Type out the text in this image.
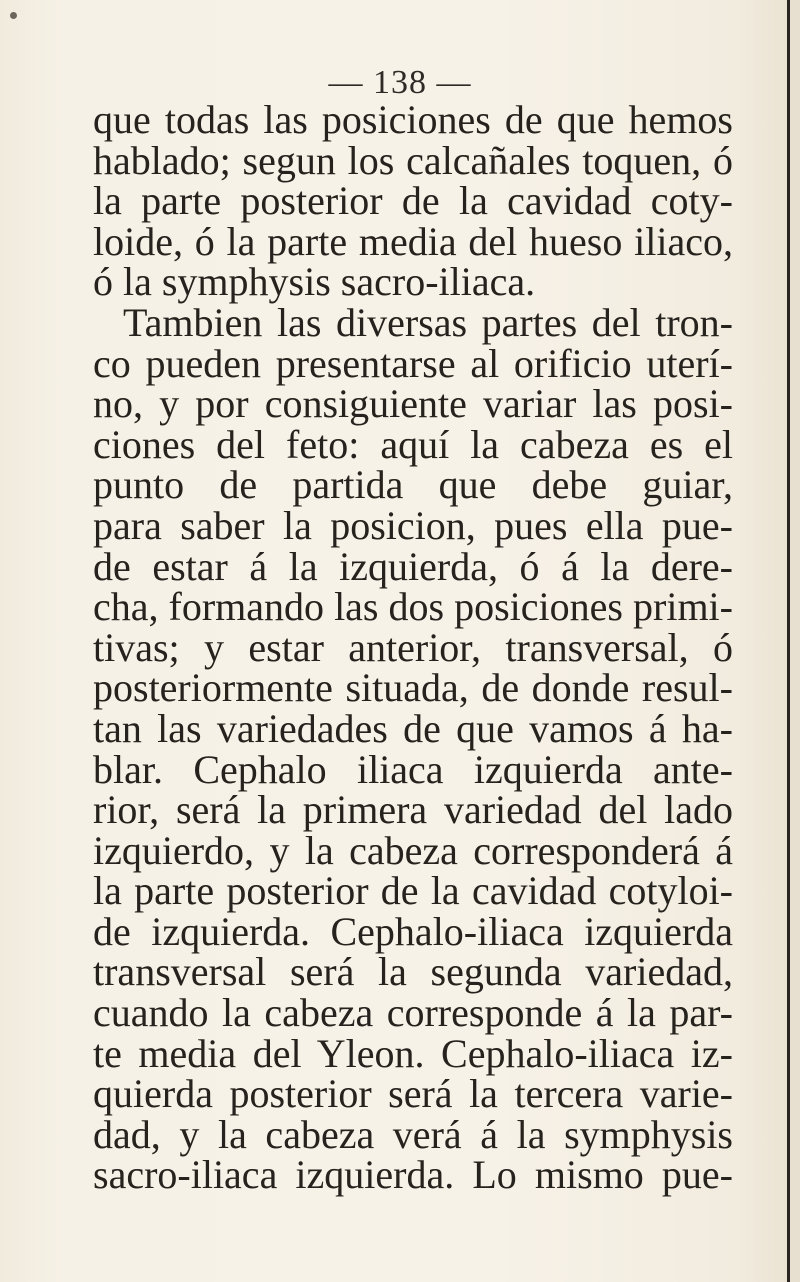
— 138 —
que todas las posiciones de que hemos
hablado; segun los calcañales toquen, ó
la parte posterior de la cavidad coty-
loide, ó la parte media del hueso iliaco,
ó la symphysis sacro-iliaca.
Tambien las diversas partes del tron-
co pueden presentarse al orificio uterí-
no, y por consiguiente variar las posi-
ciones del feto: aquí la cabeza es el
punto de partida que debe guiar,
para saber la posicion, pues ella pue-
de estar á la izquierda, ó á la dere-
cha, formando las dos posiciones primi-
tivas; y estar anterior, transversal, ó
posteriormente situada, de donde resul-
tan las variedades de que vamos á ha-
blar. Cephalo iliaca izquierda ante-
rior, será la primera variedad del lado
izquierdo, y la cabeza corresponderá á
la parte posterior de la cavidad cotyloi-
de izquierda. Cephalo-iliaca izquierda
transversal será la segunda variedad,
cuando la cabeza corresponde á la par-
te media del Yleon. Cephalo-iliaca iz-
quierda posterior será la tercera varie-
dad, y la cabeza verá á la symphysis
sacro-iliaca izquierda. Lo mismo pue-
